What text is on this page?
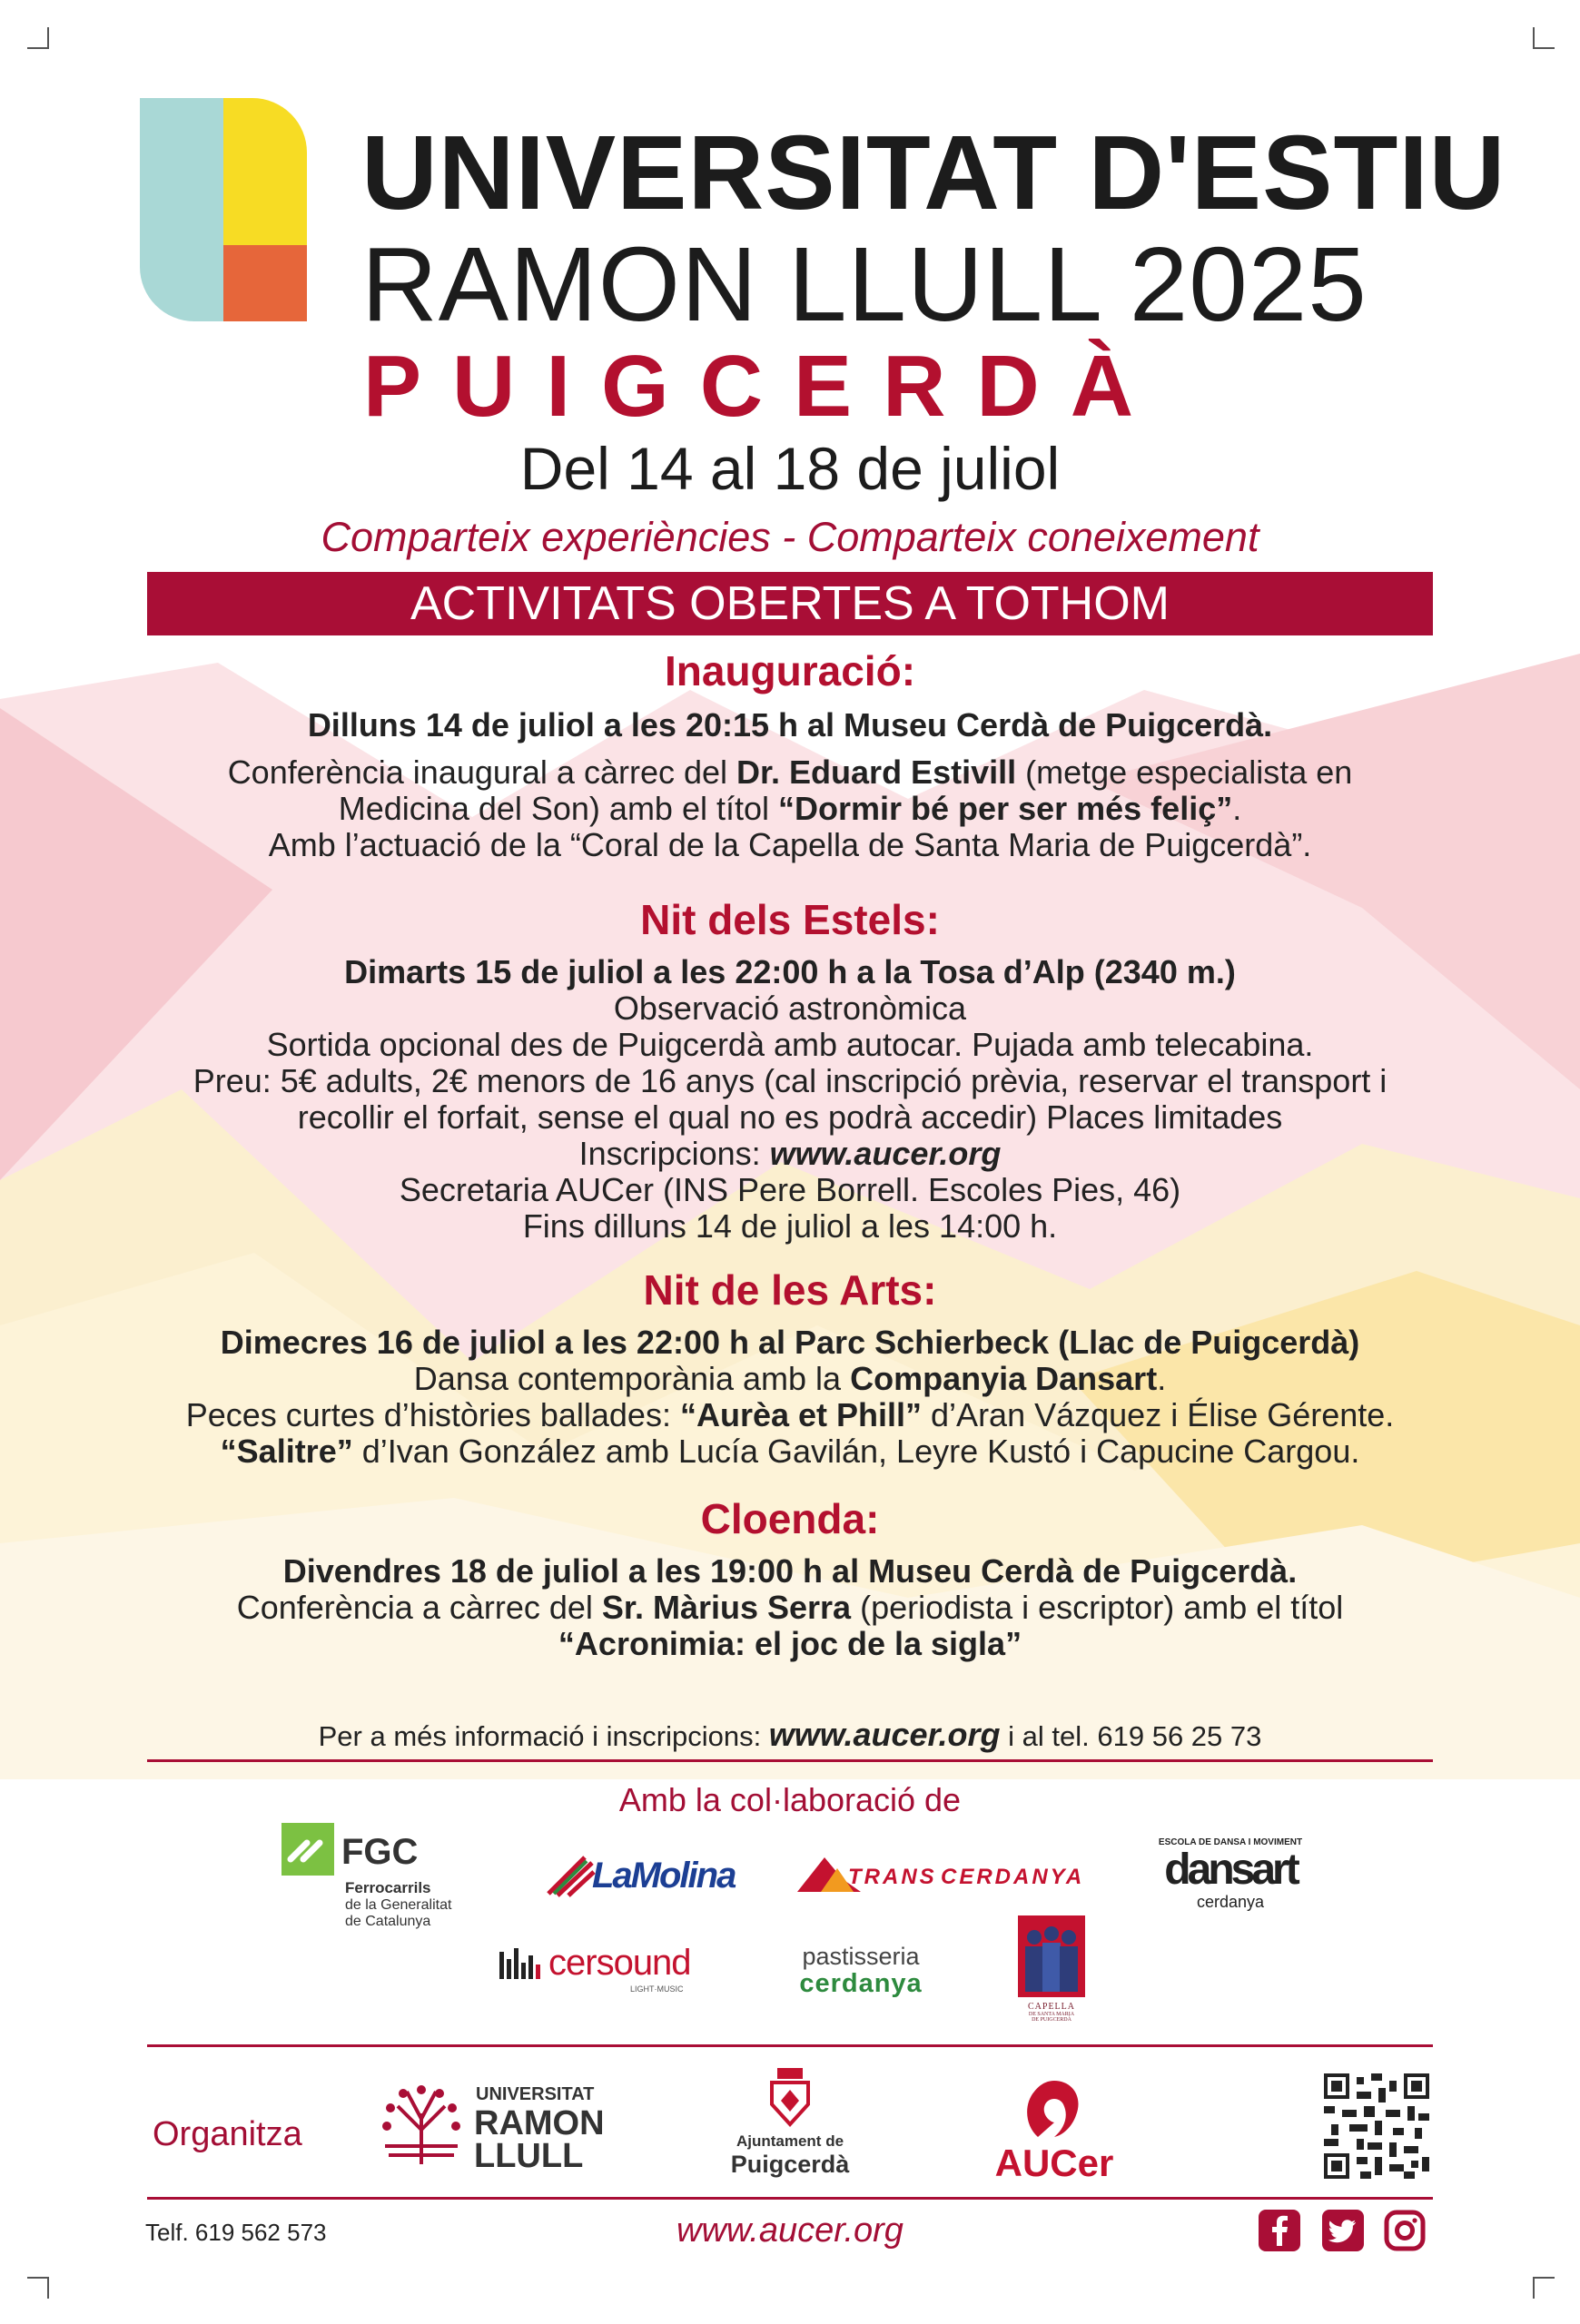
UNIVERSITAT D'ESTIU
RAMON LLULL 2025
PUIGCERDÀ
Del 14 al 18 de juliol
Comparteix experiències - Comparteix coneixement
ACTIVITATS OBERTES A TOTHOM
Inauguració:

Dilluns 14 de juliol a les 20:15 h al Museu Cerdà de Puigcerdà.

Conferència inaugural a càrrec del Dr. Eduard Estivill (metge especialista en

Medicina del Son) amb el títol “Dormir bé per ser més feliç”.

Amb l’actuació de la “Coral de la Capella de Santa Maria de Puigcerdà”.

Nit dels Estels:

Dimarts 15 de juliol a les 22:00 h a la Tosa d’Alp (2340 m.)

Observació astronòmica

Sortida opcional des de Puigcerdà amb autocar. Pujada amb telecabina.

Preu: 5€ adults, 2€ menors de 16 anys (cal inscripció prèvia, reservar el transport i

recollir el forfait, sense el qual no es podrà accedir) Places limitades

Inscripcions: www.aucer.org

Secretaria AUCer (INS Pere Borrell. Escoles Pies, 46)

Fins dilluns 14 de juliol a les 14:00 h.

Nit de les Arts:

Dimecres 16 de juliol a les 22:00 h al Parc Schierbeck (Llac de Puigcerdà)

Dansa contemporània amb la Companyia Dansart.

Peces curtes d’històries ballades: “Aurèa et Phill” d’Aran Vázquez i Élise Gérente.

“Salitre” d’Ivan González amb Lucía Gavilán, Leyre Kustó i Capucine Cargou.

Cloenda:

Divendres 18 de juliol a les 19:00 h al Museu Cerdà de Puigcerdà.

Conferència a càrrec del Sr. Màrius Serra (periodista i escriptor) amb el títol

“Acronimia: el joc de la sigla”

Per a més informació i inscripcions: www.aucer.org i al tel. 619 56 25 73
Amb la col·laboració de
FGC
Ferrocarrils
de la Generalitat
de Catalunya
LaMolina	TRANS CERDANYA
ESCOLA DE DANSA I MOVIMENT
dansart
cerdanya
cersound
LIGHT·MUSIC
pastisseria
cerdanya
CAPELLA
DE SANTA MARIA
DE PUIGCERDÀ
Organitza
UNIVERSITAT
RAMON
LLULL	Ajuntament de
Puigcerdà	AUCer
Telf. 619 562 573	www.aucer.org
